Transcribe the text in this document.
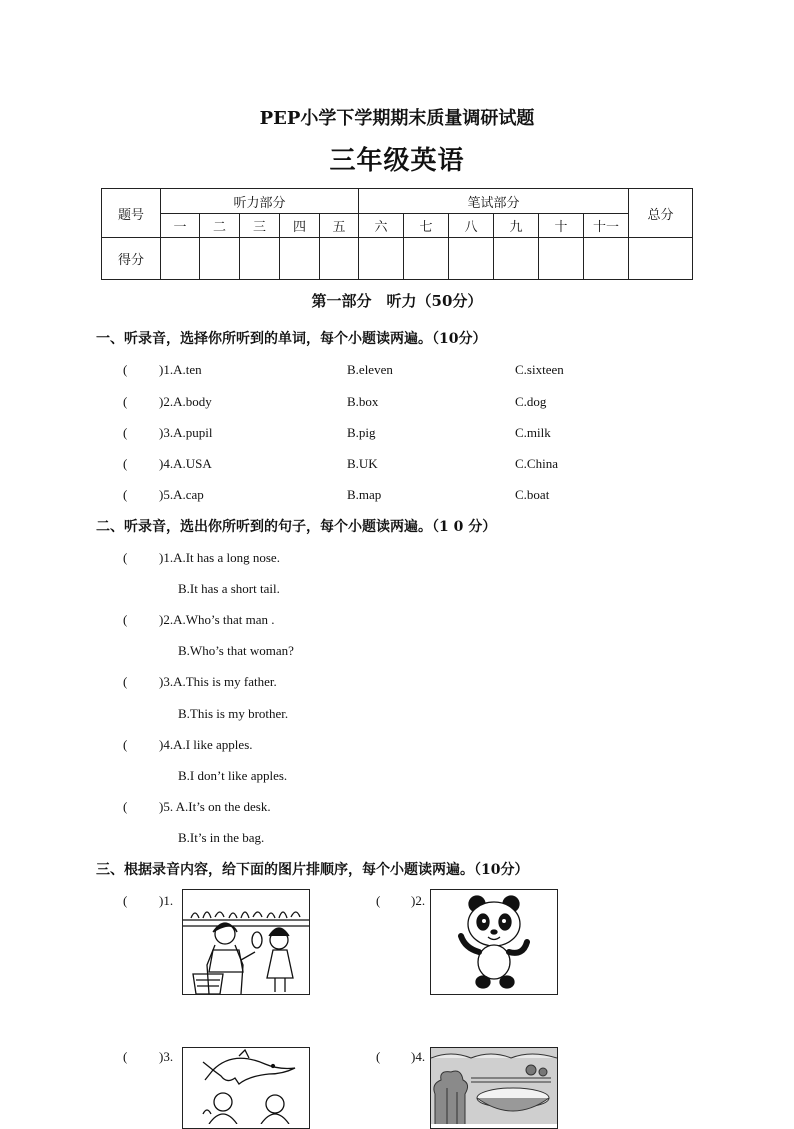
PEP小学下学期期末质量调研试题
三年级英语
题号	听力部分					笔试部分						总分
	一	二	三	四	五	六	七	八	九	十	十一	
得分												
第一部分　听力（50分）
一、听录音，选择你所听到的单词，每个小题读两遍。（10分）
( )1.A.ten	B.eleven	C.sixteen
( )2.A.body	B.box	C.dog
( )3.A.pupil	B.pig	C.milk
( )4.A.USA	B.UK	C.China
( )5.A.cap	B.map	C.boat
二、听录音，选出你所听到的句子，每个小题读两遍。（1 0 分）
( )1.A.It has a long nose.
B.It has a short tail.
( )2.A.Who’s that man .
B.Who’s that woman?
( )3.A.This is my father.
B.This is my brother.
( )4.A.I like apples.
B.I don’t like apples.
( )5. A.It’s on the desk.
B.It’s in the bag.
三、根据录音内容，给下面的图片排顺序，每个小题读两遍。（10分）
( )1.	( )2.
( )3.	( )4.
